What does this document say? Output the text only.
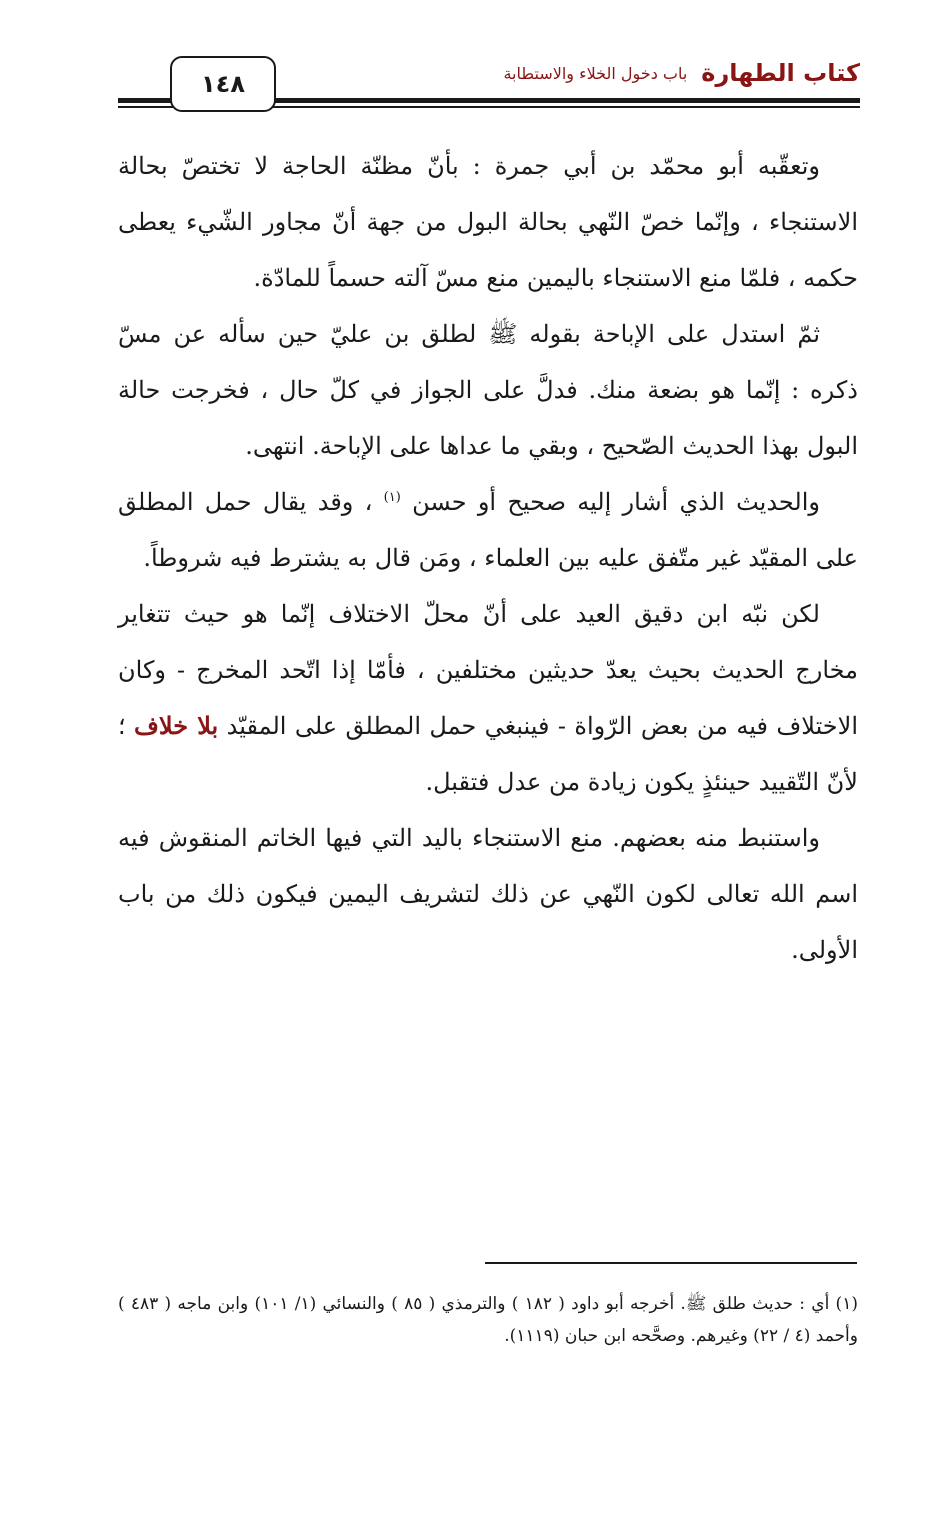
١٤٨	كتاب الطهارة
باب دخول الخلاء والاستطابة

وتعقّبه أبو محمّد بن أبي جمرة : بأنّ مظنّة الحاجة لا تختصّ بحالة الاستنجاء ، وإنّما خصّ النّهي بحالة البول من جهة أنّ مجاور الشّيء يعطى حكمه ، فلمّا منع الاستنجاء باليمين منع مسّ آلته حسماً للمادّة.

ثمّ استدل على الإباحة بقوله ﷺ لطلق بن عليّ حين سأله عن مسّ ذكره : إنّما هو بضعة منك. فدلَّ على الجواز في كلّ حال ، فخرجت حالة البول بهذا الحديث الصّحيح ، وبقي ما عداها على الإباحة. انتهى.

والحديث الذي أشار إليه صحيح أو حسن $^{(١)}$ ، وقد يقال حمل المطلق على المقيّد غير متّفق عليه بين العلماء ، ومَن قال به يشترط فيه شروطاً.

لكن نبّه ابن دقيق العيد على أنّ محلّ الاختلاف إنّما هو حيث تتغاير مخارج الحديث بحيث يعدّ حديثين مختلفين ، فأمّا إذا اتّحد المخرج - وكان الاختلاف فيه من بعض الرّواة - فينبغي حمل المطلق على المقيّد بلا خلاف ؛ لأنّ التّقييد حينئذٍ يكون زيادة من عدل فتقبل.

واستنبط منه بعضهم. منع الاستنجاء باليد التي فيها الخاتم المنقوش فيه اسم الله تعالى لكون النّهي عن ذلك لتشريف اليمين فيكون ذلك من باب الأولى.

(١) أي : حديث طلق ﷺ. أخرجه أبو داود ( ١٨٢ ) والترمذي ( ٨٥ ) والنسائي (١/ ١٠١) وابن ماجه ( ٤٨٣ ) وأحمد (٤ / ٢٢) وغيرهم. وصحَّحه ابن حبان (١١١٩).
